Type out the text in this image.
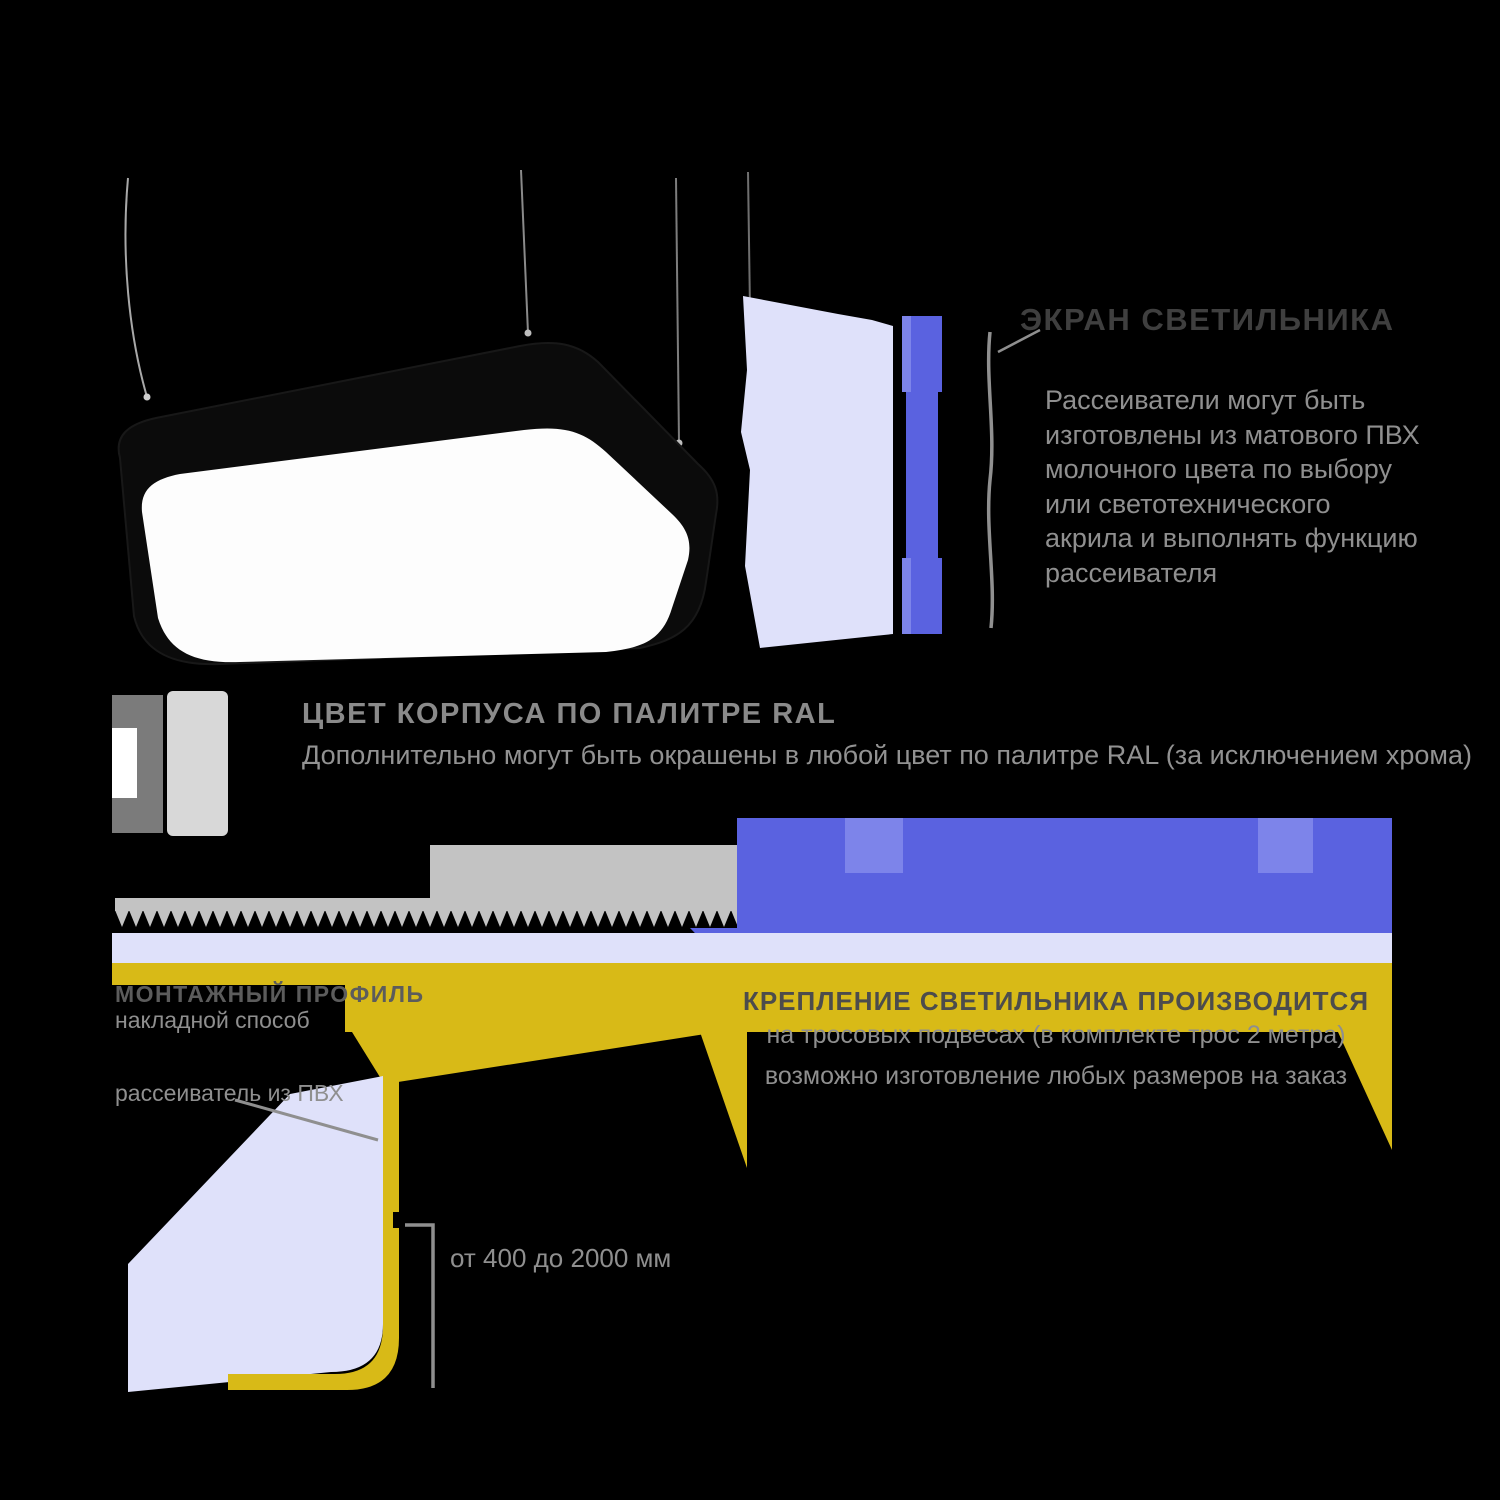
ЭКРАН СВЕТИЛЬНИКА
Рассеиватели могут быть
изготовлены из матового ПВХ
молочного цвета по выбору
или светотехнического
акрила и выполнять функцию
рассеивателя
ЦВЕТ КОРПУСА ПО ПАЛИТРЕ RAL
Дополнительно могут быть окрашены в любой цвет по палитре RAL (за исключением хрома)
МОНТАЖНЫЙ ПРОФИЛЬ
накладной способ
рассеиватель из ПВХ
от 400 до 2000 мм
КРЕПЛЕНИЕ СВЕТИЛЬНИКА ПРОИЗВОДИТСЯ
на тросовых подвесах (в комплекте трос 2 метра)
возможно изготовление любых размеров на заказ
